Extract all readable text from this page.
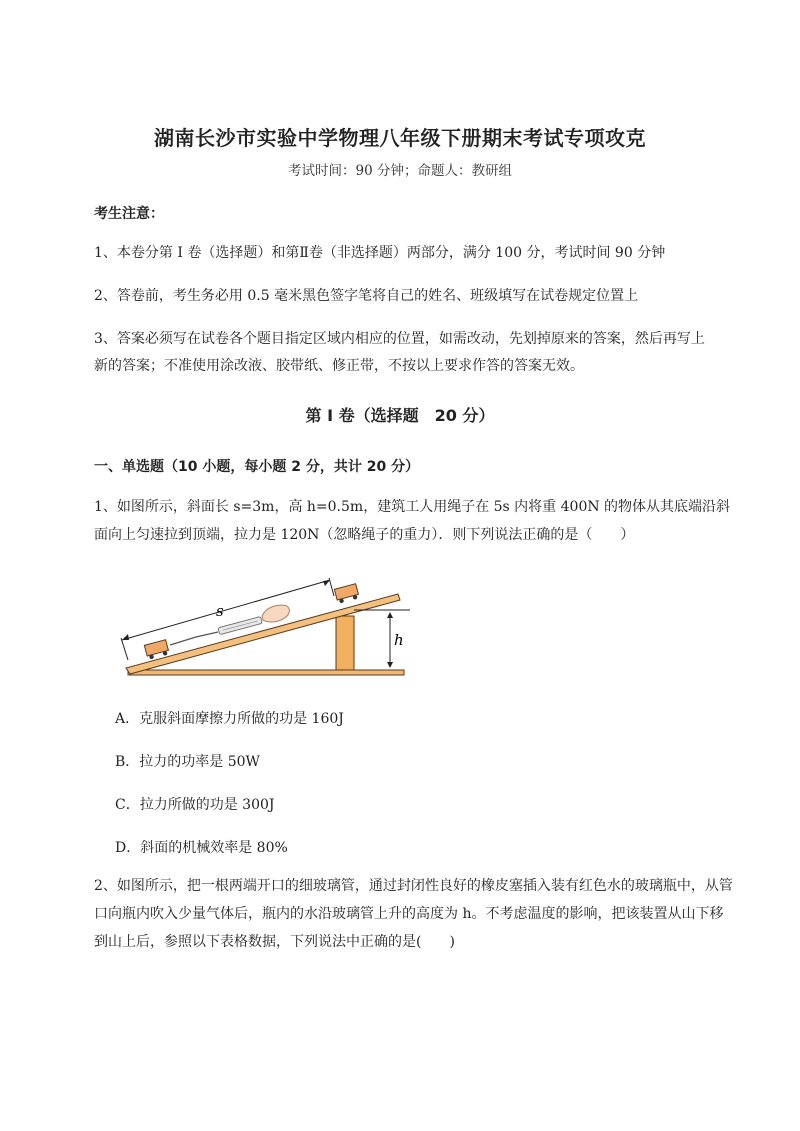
湖南长沙市实验中学物理八年级下册期末考试专项攻克
考试时间：90 分钟；命题人：教研组
考生注意：
1、本卷分第 I 卷（选择题）和第Ⅱ卷（非选择题）两部分，满分 100 分，考试时间 90 分钟
2、答卷前，考生务必用 0.5 毫米黑色签字笔将自己的姓名、班级填写在试卷规定位置上
3、答案必须写在试卷各个题目指定区域内相应的位置，如需改动，先划掉原来的答案，然后再写上新的答案；不准使用涂改液、胶带纸、修正带，不按以上要求作答的答案无效。
第 I 卷（选择题　20 分）
一、单选题（10 小题，每小题 2 分，共计 20 分）
1、如图所示，斜面长 s=3m，高 h=0.5m，建筑工人用绳子在 5s 内将重 400N 的物体从其底端沿斜面向上匀速拉到顶端，拉力是 120N（忽略绳子的重力）．则下列说法正确的是（　　）
h
s
A．克服斜面摩擦力所做的功是 160J
B．拉力的功率是 50W
C．拉力所做的功是 300J
D．斜面的机械效率是 80%
2、如图所示，把一根两端开口的细玻璃管，通过封闭性良好的橡皮塞插入装有红色水的玻璃瓶中，从管口向瓶内吹入少量气体后，瓶内的水沿玻璃管上升的高度为 h。不考虑温度的影响，把该装置从山下移到山上后，参照以下表格数据，下列说法中正确的是(　　)
